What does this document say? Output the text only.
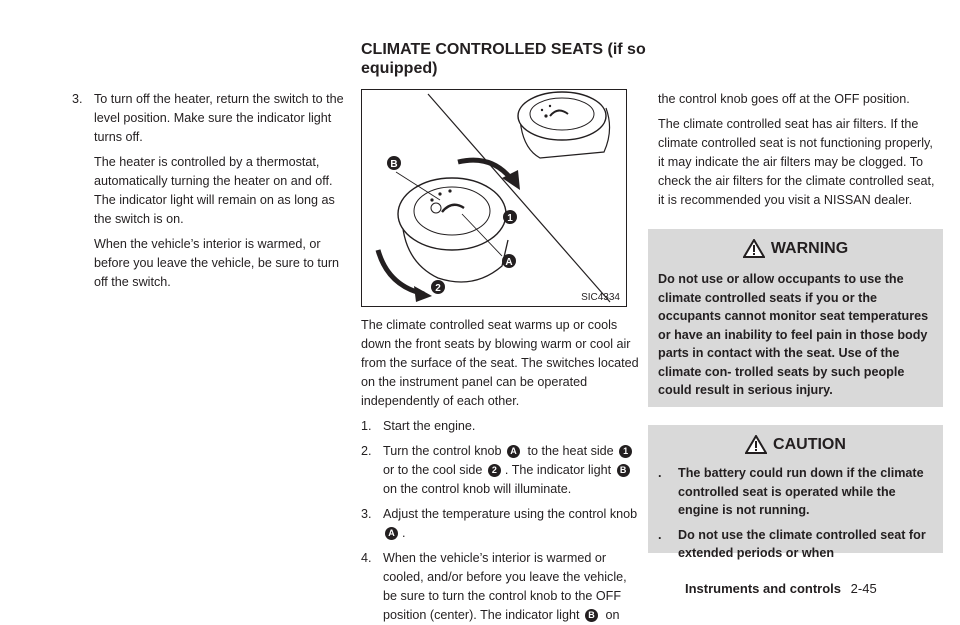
CLIMATE CONTROLLED SEATS (if so equipped)

3. To turn off the heater, return the switch to the level position. Make sure the indicator light turns off.

The heater is controlled by a thermostat, automatically turning the heater on and off. The indicator light will remain on as long as the switch is on.

When the vehicle’s interior is warmed, or before you leave the vehicle, be sure to turn off the switch.

B
1
A
2
SIC4334

The climate controlled seat warms up or cools down the front seats by blowing warm or cool air from the surface of the seat. The switches located on the instrument panel can be operated independently of each other.

1. Start the engine.

2. Turn the control knob A to the heat side 1 or to the cool side 2 . The indicator light B on the control knob will illuminate.

3. Adjust the temperature using the control knob A .

4. When the vehicle’s interior is warmed or cooled, and/or before you leave the vehicle, be sure to turn the control knob to the OFF position (center). The indicator light B on

the control knob goes off at the OFF position.

The climate controlled seat has air filters. If the climate controlled seat is not functioning properly, it may indicate the air filters may be clogged. To check the air filters for the climate controlled seat, it is recommended you visit a NISSAN dealer.

WARNING

Do not use or allow occupants to use the climate controlled seats if you or the occupants cannot monitor seat temperatures or have an inability to feel pain in those body parts in contact with the seat. Use of the climate con- trolled seats by such people could result in serious injury.

CAUTION

. The battery could run down if the climate controlled seat is operated while the engine is not running.

. Do not use the climate controlled seat for extended periods or when

Instruments and controls 2-45
